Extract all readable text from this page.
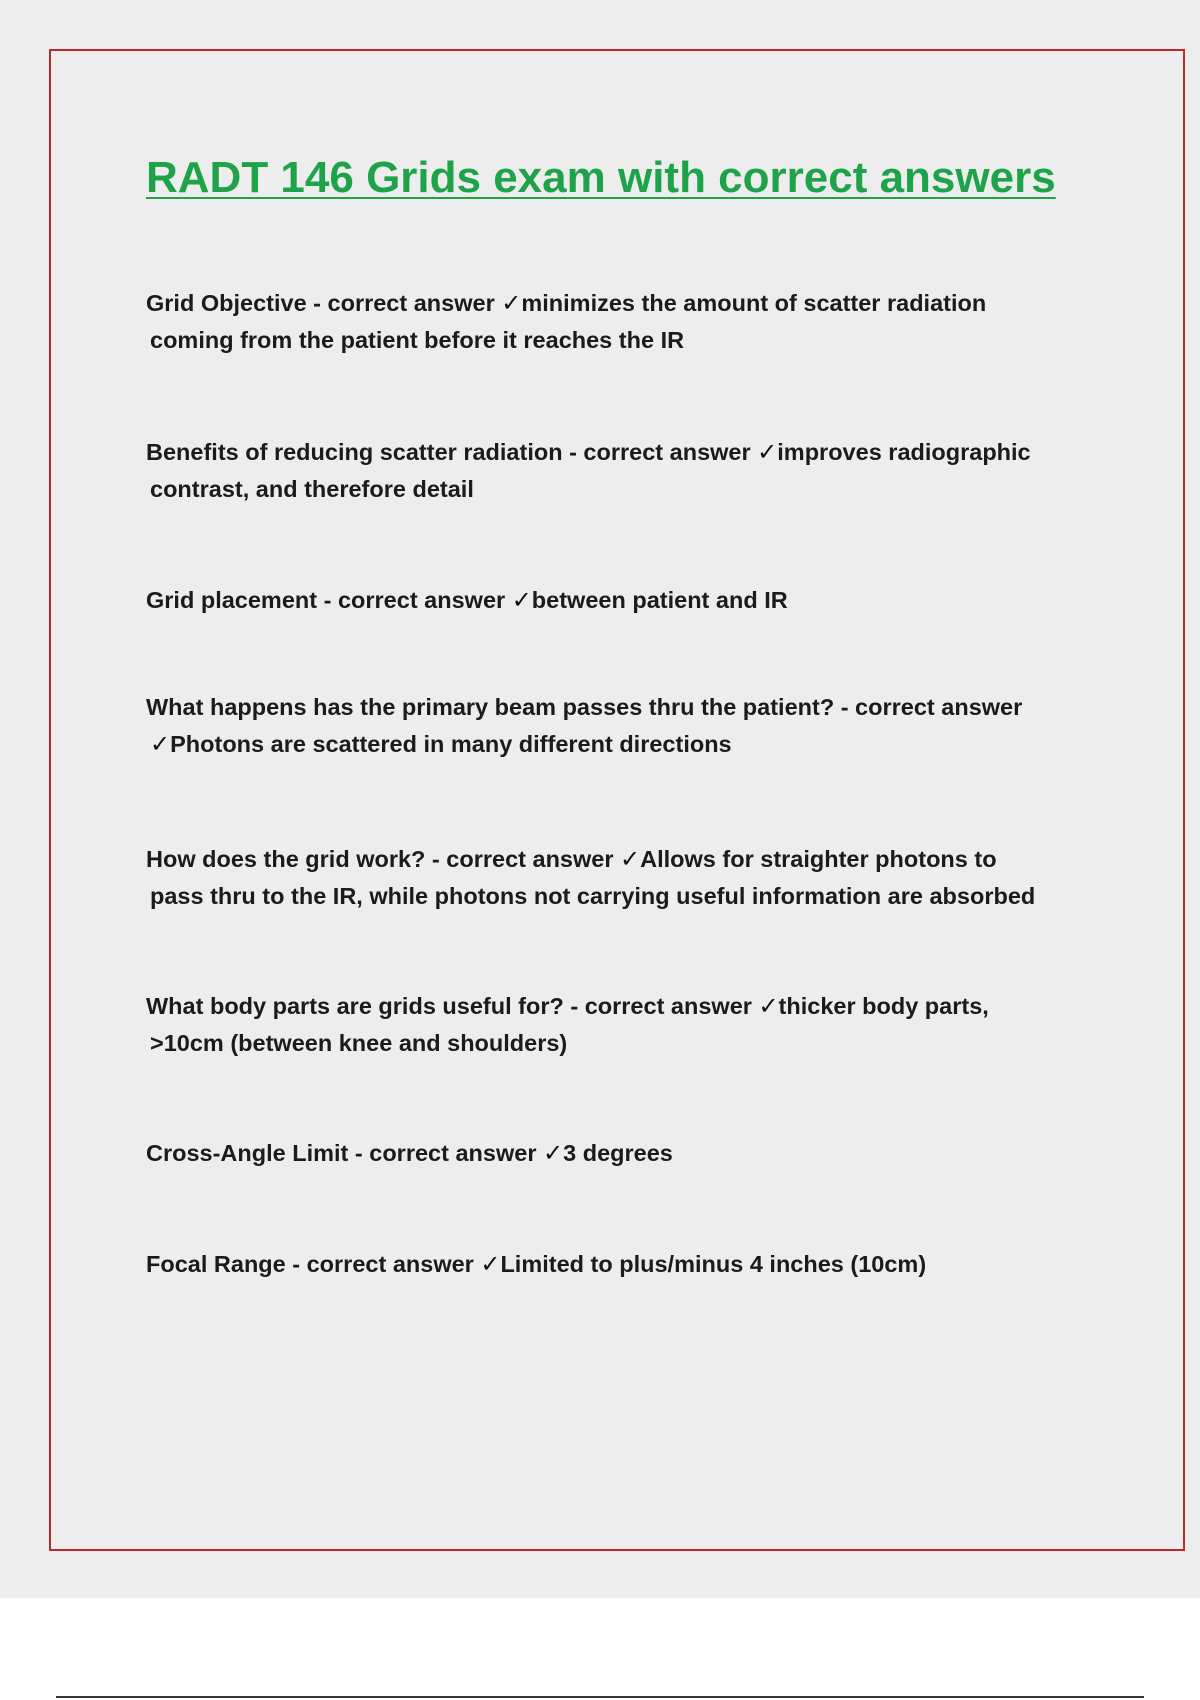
RADT 146 Grids exam with correct answers

Grid Objective - correct answer ✓minimizes the amount of scatter radiation
coming from the patient before it reaches the IR

Benefits of reducing scatter radiation - correct answer ✓improves radiographic
contrast, and therefore detail

Grid placement - correct answer ✓between patient and IR

What happens has the primary beam passes thru the patient? - correct answer
✓Photons are scattered in many different directions

How does the grid work? - correct answer ✓Allows for straighter photons to
pass thru to the IR, while photons not carrying useful information are absorbed

What body parts are grids useful for? - correct answer ✓thicker body parts,
>10cm (between knee and shoulders)

Cross-Angle Limit - correct answer ✓3 degrees

Focal Range - correct answer ✓Limited to plus/minus 4 inches (10cm)
